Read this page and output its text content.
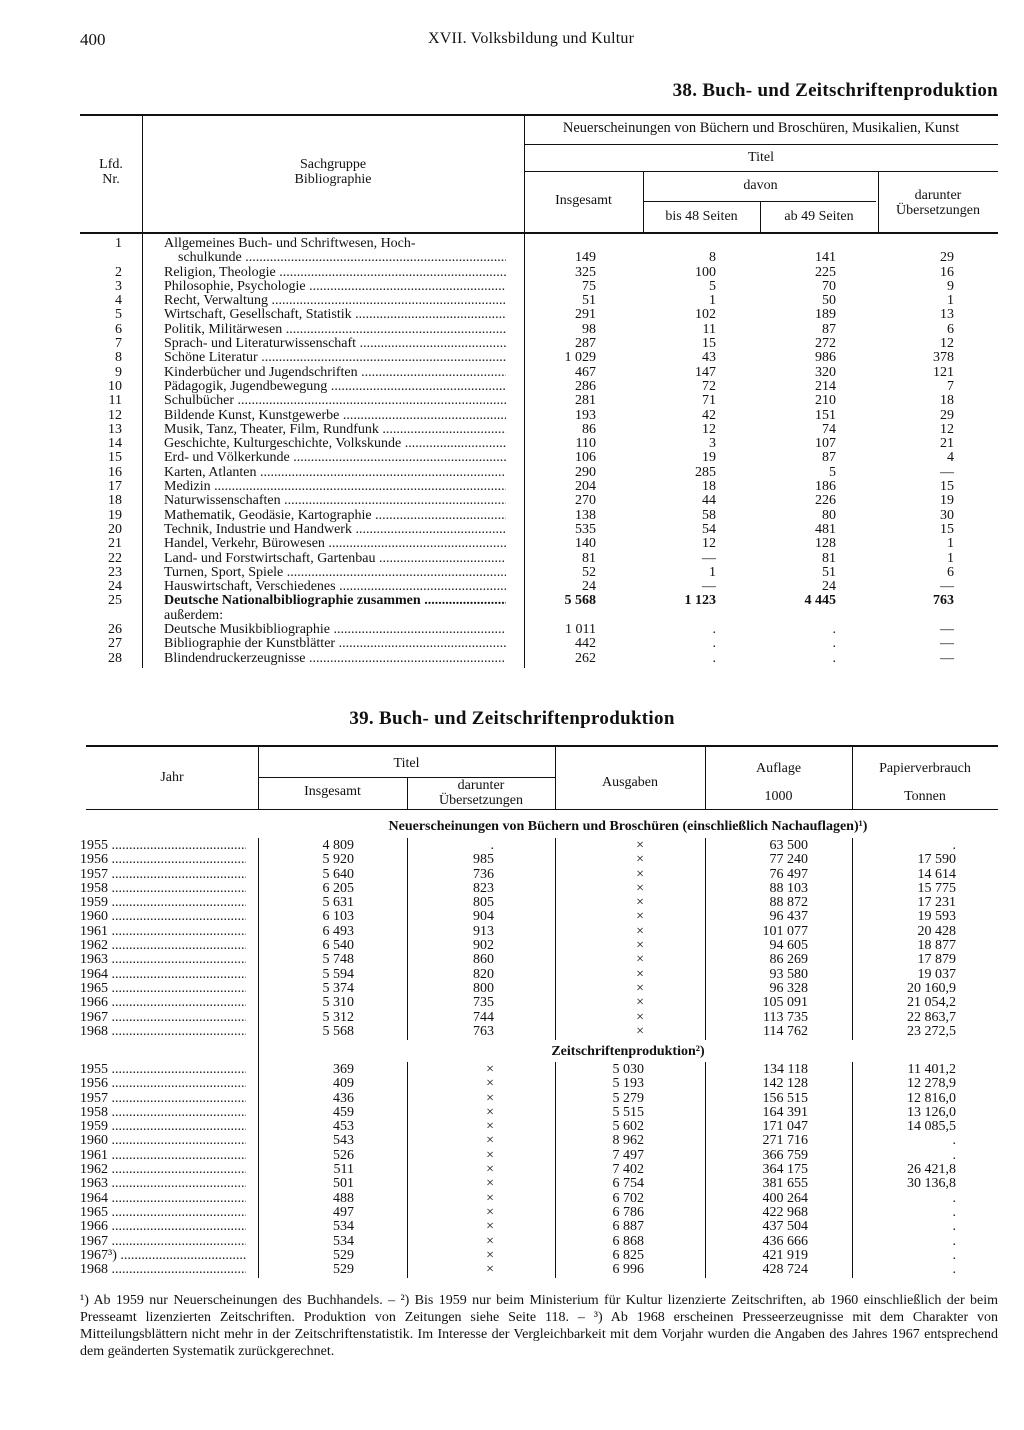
400	XVII. Volksbildung und Kultur
38. Buch- und Zeitschriftenproduktion
Lfd.
Nr.
Sachgruppe
Bibliographie
Neuerscheinungen von Büchern und Broschüren, Musikalien, Kunst
Titel
Insgesamt
davon
bis 48 Seiten	ab 49 Seiten
darunter
Übersetzungen
1	Allgemeines Buch- und Schriftwesen, Hoch-
schulkunde .....	149	8	141	29
2	Religion, Theologie .....	325	100	225	16
3	Philosophie, Psychologie .....	75	5	70	9
4	Recht, Verwaltung .....	51	1	50	1
5	Wirtschaft, Gesellschaft, Statistik .....	291	102	189	13
6	Politik, Militärwesen .....	98	11	87	6
7	Sprach- und Literaturwissenschaft .....	287	15	272	12
8	Schöne Literatur .....	1 029	43	986	378
9	Kinderbücher und Jugendschriften .....	467	147	320	121
10	Pädagogik, Jugendbewegung .....	286	72	214	7
11	Schulbücher .....	281	71	210	18
12	Bildende Kunst, Kunstgewerbe .....	193	42	151	29
13	Musik, Tanz, Theater, Film, Rundfunk .....	86	12	74	12
14	Geschichte, Kulturgeschichte, Volkskunde .....	110	3	107	21
15	Erd- und Völkerkunde .....	106	19	87	4
16	Karten, Atlanten .....	290	285	5	—
17	Medizin .....	204	18	186	15
18	Naturwissenschaften .....	270	44	226	19
19	Mathematik, Geodäsie, Kartographie .....	138	58	80	30
20	Technik, Industrie und Handwerk .....	535	54	481	15
21	Handel, Verkehr, Bürowesen .....	140	12	128	1
22	Land- und Forstwirtschaft, Gartenbau .....	81	—	81	1
23	Turnen, Sport, Spiele .....	52	1	51	6
24	Hauswirtschaft, Verschiedenes .....	24	—	24	—
25	Deutsche Nationalbibliographie zusammen .....	5 568	1 123	4 445	763
außerdem:
26	Deutsche Musikbibliographie .....	1 011	.	.	—
27	Bibliographie der Kunstblätter .....	442	.	.	—
28	Blindendruckerzeugnisse .....	262	.	.	—
39. Buch- und Zeitschriftenproduktion
Jahr
Titel
Insgesamt	darunter
Übersetzungen
Ausgaben
Auflage
1000
Papierverbrauch
Tonnen
Neuerscheinungen von Büchern und Broschüren (einschließlich Nachauflagen)¹)
1955 .....	4 809	.	×	63 500	.
1956 .....	5 920	985	×	77 240	17 590
1957 .....	5 640	736	×	76 497	14 614
1958 .....	6 205	823	×	88 103	15 775
1959 .....	5 631	805	×	88 872	17 231
1960 .....	6 103	904	×	96 437	19 593
1961 .....	6 493	913	×	101 077	20 428
1962 .....	6 540	902	×	94 605	18 877
1963 .....	5 748	860	×	86 269	17 879
1964 .....	5 594	820	×	93 580	19 037
1965 .....	5 374	800	×	96 328	20 160,9
1966 .....	5 310	735	×	105 091	21 054,2
1967 .....	5 312	744	×	113 735	22 863,7
1968 .....	5 568	763	×	114 762	23 272,5
Zeitschriftenproduktion²)
1955 .....	369	×	5 030	134 118	11 401,2
1956 .....	409	×	5 193	142 128	12 278,9
1957 .....	436	×	5 279	156 515	12 816,0
1958 .....	459	×	5 515	164 391	13 126,0
1959 .....	453	×	5 602	171 047	14 085,5
1960 .....	543	×	8 962	271 716	.
1961 .....	526	×	7 497	366 759	.
1962 .....	511	×	7 402	364 175	26 421,8
1963 .....	501	×	6 754	381 655	30 136,8
1964 .....	488	×	6 702	400 264	.
1965 .....	497	×	6 786	422 968	.
1966 .....	534	×	6 887	437 504	.
1967 .....	534	×	6 868	436 666	.
1967³) .....	529	×	6 825	421 919	.
1968 .....	529	×	6 996	428 724	.
¹) Ab 1959 nur Neuerscheinungen des Buchhandels. – ²) Bis 1959 nur beim Ministerium für Kultur lizenzierte Zeitschriften, ab 1960 einschließlich der beim Presseamt lizenzierten Zeitschriften. Produktion von Zeitungen siehe Seite 118. – ³) Ab 1968 erscheinen Presseerzeugnisse mit dem Charakter von Mitteilungsblättern nicht mehr in der Zeitschriftenstatistik. Im Interesse der Vergleichbarkeit mit dem Vorjahr wurden die Angaben des Jahres 1967 entsprechend dem geänderten Systematik zurückgerechnet.
